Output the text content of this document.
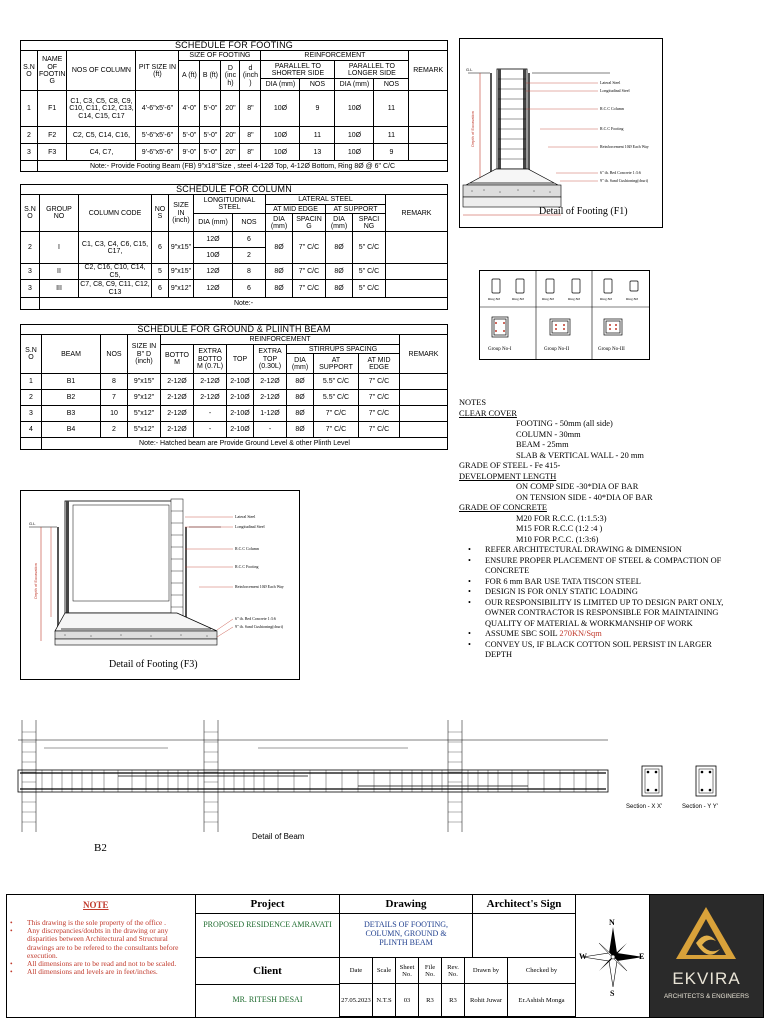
SCHEDULE FOR FOOTING												
S.N O	NAME OF FOOTIN G	NOS OF COLUMN	PIT SIZE IN (ft)	SIZE OF FOOTING				REINFORCEMENT				REMARK
				A (ft)	B (ft)	D (inc h)	d (inch )	PARALLEL TO SHORTER SIDE		PARALLEL TO LONGER SIDE		
								DIA (mm)	NOS	DIA (mm)	NOS	
1	F1	C1, C3, C5, C8, C9, C10, C11, C12, C13, C14, C15, C17	4'-6"x5'-6"	4'-0"	5'-0"	20"	8"	10Ø	9	10Ø	11	
2	F2	C2, C5, C14, C16,	5'-6"x5'-6"	5'-0"	5'-0"	20"	8"	10Ø	11	10Ø	11	
3	F3	C4, C7,	9'-6"x5'-6"	9'-0"	5'-0"	20"	8"	10Ø	13	10Ø	9	
	Note:- Provide Footing Beam (FB) 9"x18"Size , steel 4-12Ø Top, 4-12Ø Bottom, Ring 8Ø @ 6" C/C											
SCHEDULE FOR COLUMN											
S.N O	GROUP NO	COLUMN CODE	NO S	SIZE IN (inch)	LONGITUDINAL STEEL		LATERAL STEEL				REMARK
							AT MID EDGE		AT SUPPORT		
					DIA (mm)	NOS	DIA (mm)	SPACIN G	DIA (mm)	SPACI NG	
2	I	C1, C3, C4, C6, C15, C17,	6	9"x15"	12Ø	6	8Ø	7" C/C	8Ø	5" C/C	
					10Ø	2					
3	II	C2, C16, C10, C14, C5,	5	9"x15"	12Ø	8	8Ø	7" C/C	8Ø	5" C/C	
3	III	C7, C8, C9, C11, C12, C13	6	9"x12"	12Ø	6	8Ø	7" C/C	8Ø	5" C/C	
	Note:-										
SCHEDULE FOR GROUND & PLIINTH BEAM											
S.N O	BEAM	NOS	SIZE IN B" D (inch)	REINFORCEMENT							REMARK
				BOTTO M	EXTRA BOTTO M (0.7L)	TOP	EXTRA TOP (0.30L)	STIRRUPS SPACING			
								DIA (mm)	AT SUPPORT	AT MID EDGE	
1	B1	8	9"x15"	2-12Ø	2-12Ø	2-10Ø	2-12Ø	8Ø	5.5" C/C	7" C/C	
2	B2	7	9"x12"	2-12Ø	2-12Ø	2-10Ø	2-12Ø	8Ø	5.5" C/C	7" C/C	
3	B3	10	5"x12"	2-12Ø	-	2-10Ø	1-12Ø	8Ø	7" C/C	7" C/C	
4	B4	2	5"x12"	2-12Ø	-	2-10Ø	-	8Ø	7" C/C	7" C/C	
	Note:- Hatched beam are Provide Ground Level & other Plinth Level										
G.L
Depth of Excavation
Lateral Steel
Longitudinal Steel
R.C.C Column
R.C.C Footing
Reinforcement 10Ø Each Way
6" th. Bed Concrete 1:3:6
9" th. Sand Cushioning(churi)
Detail of Footing (F1)
Ring 8Ø	Ring 8Ø	Ring 8Ø	Ring 8Ø	Ring 8Ø	Ring 8Ø
Group No-I	Group No-II	Group No-III
NOTES
CLEAR COVER
FOOTING - 50mm (all side)
COLUMN - 30mm
BEAM - 25mm
SLAB & VERTICAL WALL - 20 mm
GRADE OF STEEL - Fe 415-
DEVELOPMENT LENGTH
ON COMP SIDE -30*DIA OF BAR
ON TENSION SIDE - 40*DIA OF BAR
GRADE OF CONCRETE
M20 FOR R.C.C. (1:1.5:3)
M15 FOR R.C.C (1:2 :4 )
M10 FOR P.C.C. (1:3:6)
• REFER ARCHITECTURAL DRAWING & DIMENSION
• ENSURE PROPER PLACEMENT OF STEEL & COMPACTION OF CONCRETE
• FOR 6 mm BAR USE TATA TISCON STEEL
• DESIGN IS FOR ONLY STATIC LOADING
• OUR RESPONSIBILITY IS LIMITED UP TO DESIGN PART ONLY, OWNER CONTRACTOR IS RESPONSIBLE FOR MAINTAINING QUALITY OF MATERIAL & WORKMANSHIP OF WORK
• ASSUME SBC SOIL 270KN/Sqm
• CONVEY US, IF BLACK COTTON SOIL PERSIST IN LARGER DEPTH
G.L
Depth of Excavation
Lateral Steel
Longitudinal Steel
R.C.C Column
R.C.C Footing
Reinforcement 10Ø Each Way
6" th. Bed Concrete 1:3:6
9" th. Sand Cushioning(churi)
Detail of Footing (F3)
Detail of Beam
B2
Section - X X'	Section - Y Y'
NOTE
• This drawing is the sole property of the office .
• Any discrepancies/doubts in the drawing or any disparities between Architectural and Structural drawings are to be refered to the consultants before execution.
• All dimensions are to be read and not to be scaled.
• All dimensions and levels are in feet/inches.
Project
PROPOSED RESIDENCE AMRAVATI
Drawing
DETAILS OF FOOTING, COLUMN, GROUND & PLINTH BEAM
Architect's Sign
Client
MR. RITESH DESAI
Date	Scale	Sheet No.	File No.	Rev. No.	Drawn by	Checked by
27.05.2023	N.T.S	03	R3	R3	Rohit Juwar	Er.Ashish Monga
N
S
E
W
EKVIRA
ARCHITECTS & ENGINEERS
